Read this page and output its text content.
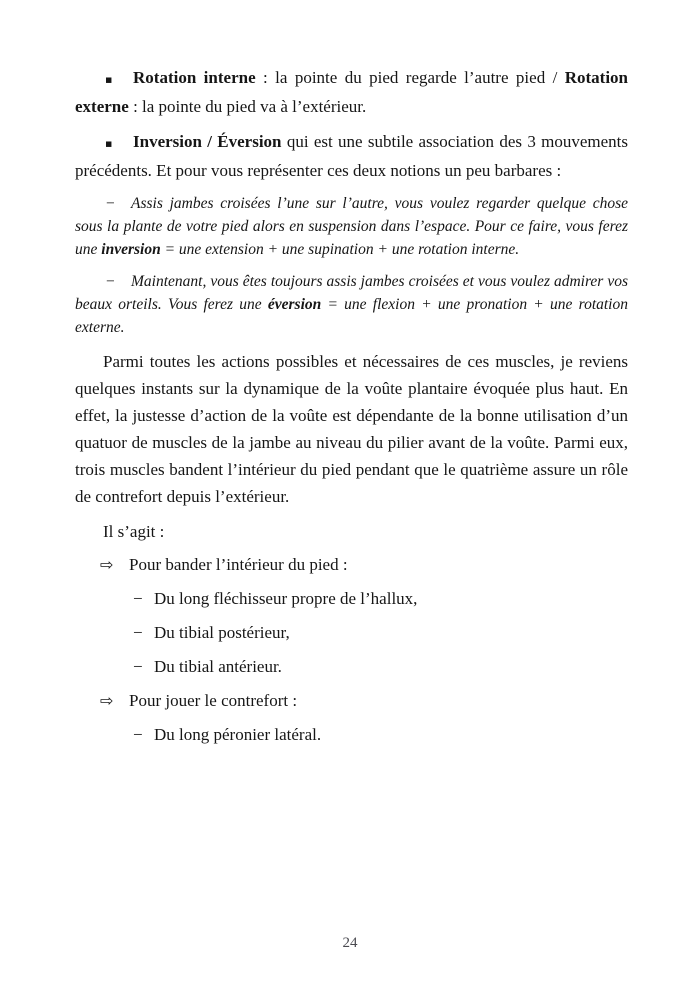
▪ Rotation interne : la pointe du pied regarde l’autre pied / Rotation externe : la pointe du pied va à l’extérieur.

▪ Inversion / Éversion qui est une subtile association des 3 mouvements précédents. Et pour vous représenter ces deux notions un peu barbares :

− Assis jambes croisées l’une sur l’autre, vous voulez regarder quelque chose sous la plante de votre pied alors en suspension dans l’espace. Pour ce faire, vous ferez une inversion = une extension + une supination + une rotation interne.

− Maintenant, vous êtes toujours assis jambes croisées et vous voulez admirer vos beaux orteils. Vous ferez une éversion = une flexion + une pronation + une rotation externe.

Parmi toutes les actions possibles et nécessaires de ces muscles, je reviens quelques instants sur la dynamique de la voûte plantaire évoquée plus haut. En effet, la justesse d’action de la voûte est dépendante de la bonne utilisation d’un quatuor de muscles de la jambe au niveau du pilier avant de la voûte. Parmi eux, trois muscles bandent l’intérieur du pied pendant que le quatrième assure un rôle de contrefort depuis l’extérieur.

Il s’agit :

⇨ Pour bander l’intérieur du pied :

− Du long fléchisseur propre de l’hallux,

− Du tibial postérieur,

− Du tibial antérieur.

⇨ Pour jouer le contrefort :

− Du long péronier latéral.

24
